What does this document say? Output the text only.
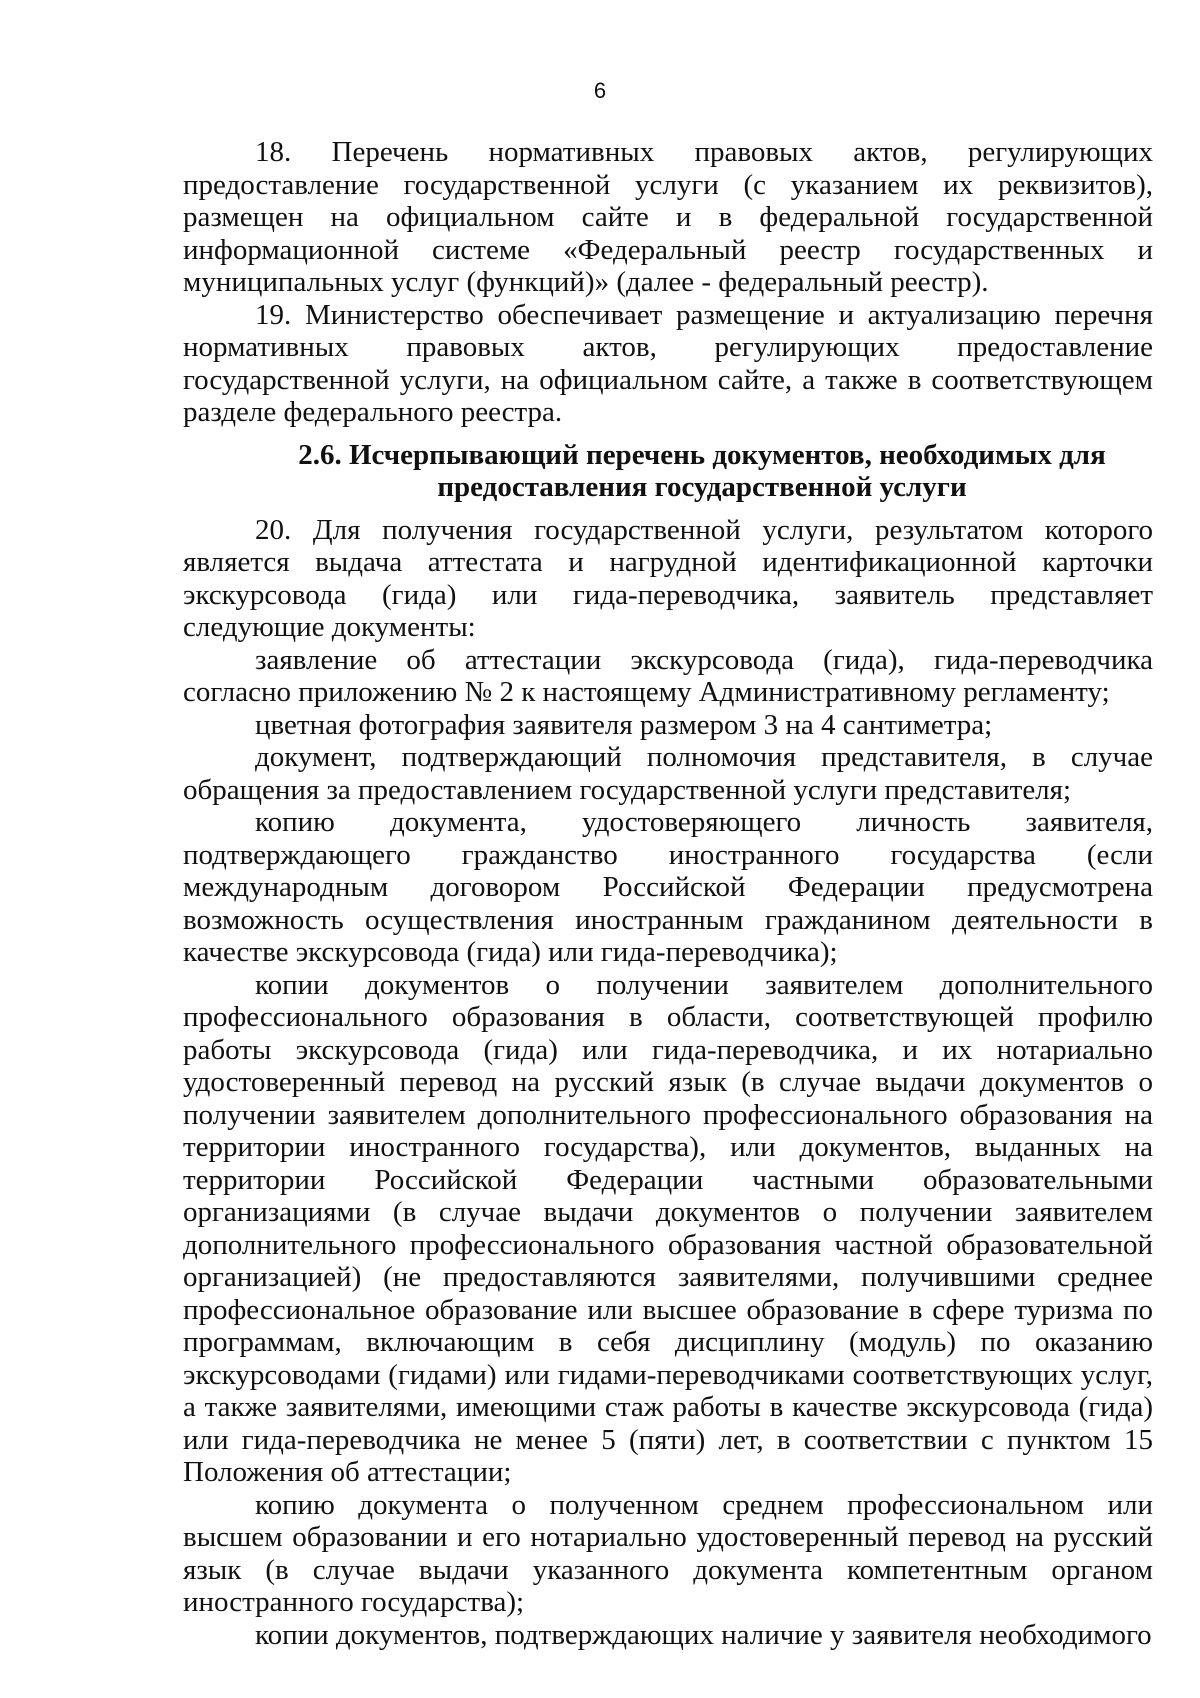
6

18. Перечень нормативных правовых актов, регулирующих предоставление государственной услуги (с указанием их реквизитов), размещен на официальном сайте и в федеральной государственной информационной системе «Федеральный реестр государственных и муниципальных услуг (функций)» (далее - федеральный реестр).

19. Министерство обеспечивает размещение и актуализацию перечня нормативных правовых актов, регулирующих предоставление государственной услуги, на официальном сайте, а также в соответствующем разделе федерального реестра.

2.6. Исчерпывающий перечень документов, необходимых для
предоставления государственной услуги

20. Для получения государственной услуги, результатом которого является выдача аттестата и нагрудной идентификационной карточки экскурсовода (гида) или гида-переводчика, заявитель представляет следующие документы:

заявление об аттестации экскурсовода (гида), гида-переводчика согласно приложению № 2 к настоящему Административному регламенту;

цветная фотография заявителя размером 3 на 4 сантиметра;

документ, подтверждающий полномочия представителя, в случае обращения за предоставлением государственной услуги представителя;

копию документа, удостоверяющего личность заявителя, подтверждающего гражданство иностранного государства (если международным договором Российской Федерации предусмотрена возможность осуществления иностранным гражданином деятельности в качестве экскурсовода (гида) или гида-переводчика);

копии документов о получении заявителем дополнительного профессионального образования в области, соответствующей профилю работы экскурсовода (гида) или гида-переводчика, и их нотариально удостоверенный перевод на русский язык (в случае выдачи документов о получении заявителем дополнительного профессионального образования на территории иностранного государства), или документов, выданных на территории Российской Федерации частными образовательными организациями (в случае выдачи документов о получении заявителем дополнительного профессионального образования частной образовательной организацией) (не предоставляются заявителями, получившими среднее профессиональное образование или высшее образование в сфере туризма по программам, включающим в себя дисциплину (модуль) по оказанию экскурсоводами (гидами) или гидами-переводчиками соответствующих услуг, а также заявителями, имеющими стаж работы в качестве экскурсовода (гида) или гида-переводчика не менее 5 (пяти) лет, в соответствии с пунктом 15 Положения об аттестации;

копию документа о полученном среднем профессиональном или высшем образовании и его нотариально удостоверенный перевод на русский язык (в случае выдачи указанного документа компетентным органом иностранного государства);

копии документов, подтверждающих наличие у заявителя необходимого
